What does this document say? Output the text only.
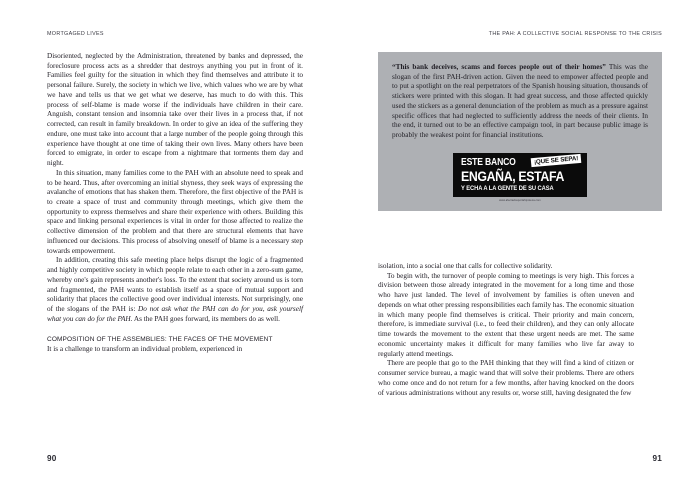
MORTGAGED LIVES

Disoriented, neglected by the Administration, threatened by banks and depressed, the foreclosure process acts as a shredder that destroys anything you put in front of it. Families feel guilty for the situation in which they find themselves and attribute it to personal failure. Surely, the society in which we live, which values who we are by what we have and tells us that we get what we deserve, has much to do with this. This process of self-blame is made worse if the individuals have children in their care. Anguish, constant tension and insomnia take over their lives in a process that, if not corrected, can result in family breakdown. In order to give an idea of the suffering they endure, one must take into account that a large number of the people going through this experience have thought at one time of taking their own lives. Many others have been forced to emigrate, in order to escape from a nightmare that torments them day and night.

In this situation, many families come to the PAH with an absolute need to speak and to be heard. Thus, after overcoming an initial shyness, they seek ways of expressing the avalanche of emotions that has shaken them. Therefore, the first objective of the PAH is to create a space of trust and community through meetings, which give them the opportunity to express themselves and share their experience with others. Building this space and linking personal experiences is vital in order for those affected to realize the collective dimension of the problem and that there are structural elements that have influenced our decisions. This process of absolving oneself of blame is a necessary step towards empowerment.

In addition, creating this safe meeting place helps disrupt the logic of a fragmented and highly competitive society in which people relate to each other in a zero-sum game, whereby one's gain represents another's loss. To the extent that society around us is torn and fragmented, the PAH wants to establish itself as a space of mutual support and solidarity that places the collective good over individual interests. Not surprisingly, one of the slogans of the PAH is: Do not ask what the PAH can do for you, ask yourself what you can do for the PAH. As the PAH goes forward, its members do as well.

COMPOSITION OF THE ASSEMBLIES: THE FACES OF THE MOVEMENT

It is a challenge to transform an individual problem, experienced in

90
THE PAH: A COLLECTIVE SOCIAL RESPONSE TO THE CRISIS
“This bank deceives, scams and forces people out of their homes” This was the slogan of the first PAH-driven action. Given the need to empower affected people and to put a spotlight on the real perpetrators of the Spanish housing situation, thousands of stickers were printed with this slogan. It had great success, and those affected quickly used the stickers as a general denunciation of the problem as much as a pressure against specific offices that had neglected to sufficiently address the needs of their clients. In the end, it turned out to be an effective campaign tool, in part because public image is probably the weakest point for financial institutions.
ESTE BANCO	¡QUE SE SEPA!
ENGAÑA, ESTAFA
Y ECHA A LA GENTE DE SU CASA
www.afectadosporlahipoteca.com

isolation, into a social one that calls for collective solidarity.

To begin with, the turnover of people coming to meetings is very high. This forces a division between those already integrated in the movement for a long time and those who have just landed. The level of involvement by families is often uneven and depends on what other pressing responsibilities each family has. The economic situation in which many people find themselves is critical. Their priority and main concern, therefore, is immediate survival (i.e., to feed their children), and they can only allocate time towards the movement to the extent that these urgent needs are met. The same economic uncertainty makes it difficult for many families who live far away to regularly attend meetings.

There are people that go to the PAH thinking that they will find a kind of citizen or consumer service bureau, a magic wand that will solve their problems. There are others who come once and do not return for a few months, after having knocked on the doors of various administrations without any results or, worse still, having designated the few

91
